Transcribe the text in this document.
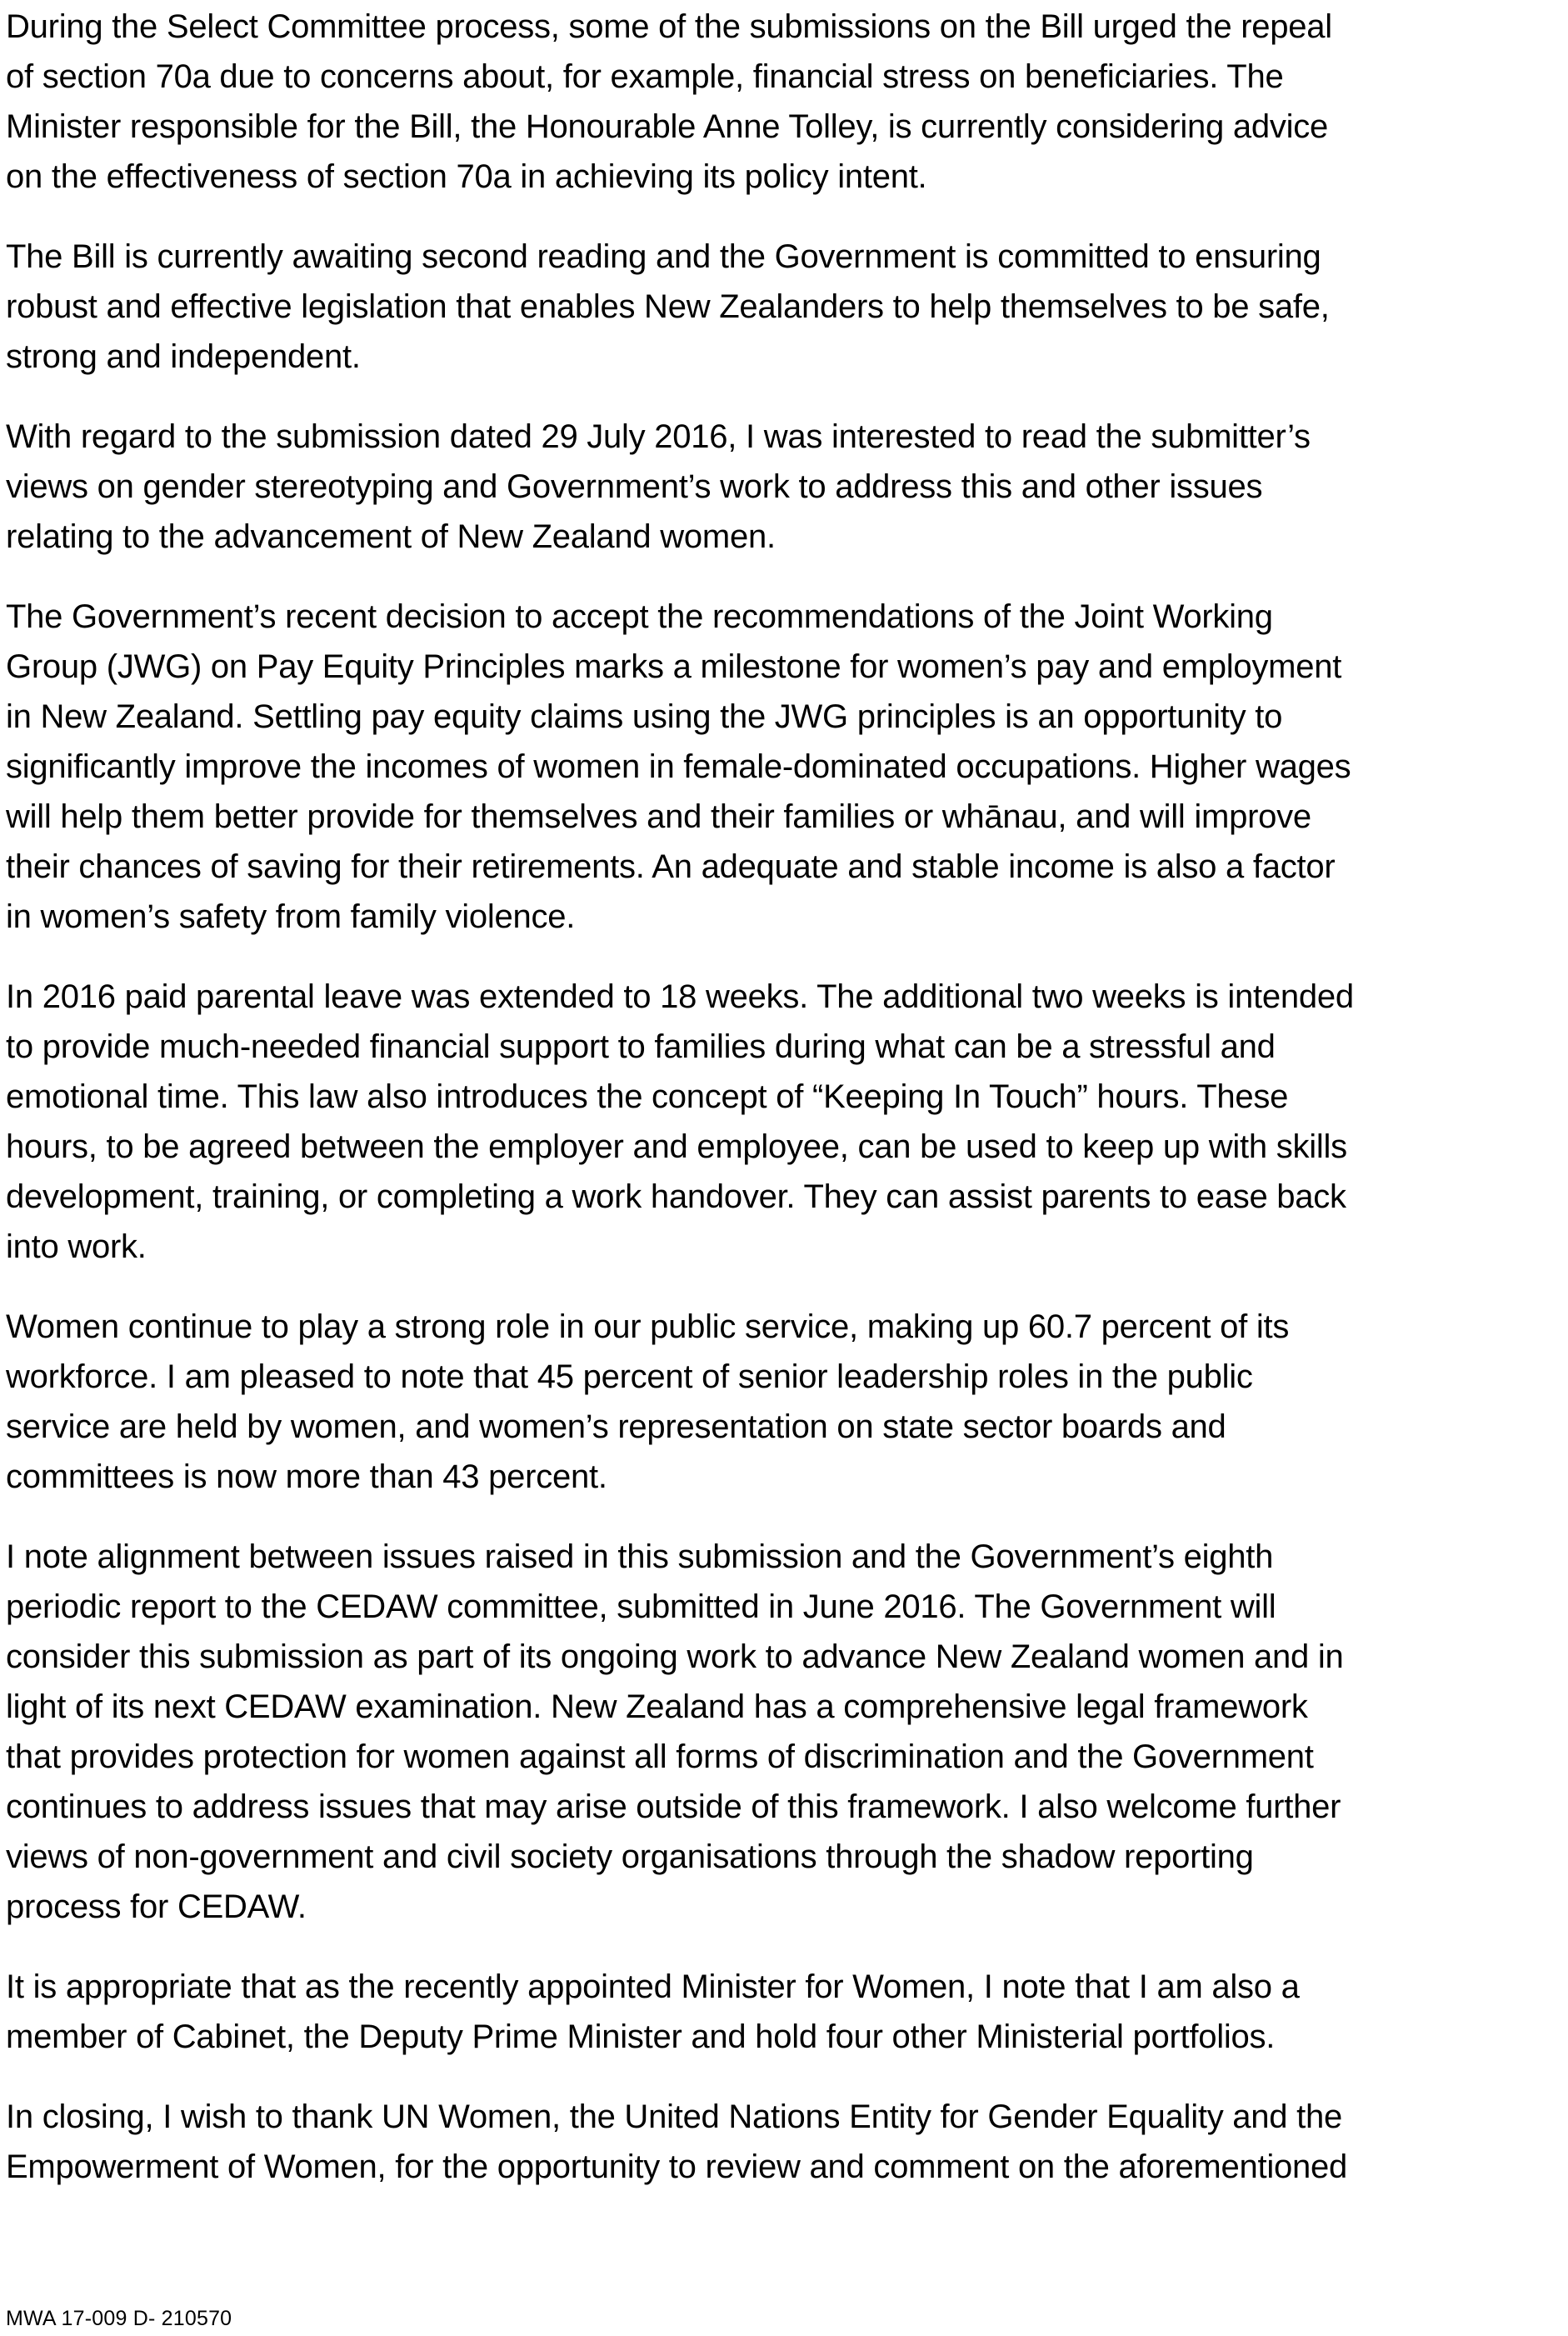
During the Select Committee process, some of the submissions on the Bill urged the repeal
of section 70a due to concerns about, for example, financial stress on beneficiaries. The
Minister responsible for the Bill, the Honourable Anne Tolley, is currently considering advice
on the effectiveness of section 70a in achieving its policy intent.

The Bill is currently awaiting second reading and the Government is committed to ensuring
robust and effective legislation that enables New Zealanders to help themselves to be safe,
strong and independent.

With regard to the submission dated 29 July 2016, I was interested to read the submitter’s
views on gender stereotyping and Government’s work to address this and other issues
relating to the advancement of New Zealand women.

The Government’s recent decision to accept the recommendations of the Joint Working
Group (JWG) on Pay Equity Principles marks a milestone for women’s pay and employment
in New Zealand. Settling pay equity claims using the JWG principles is an opportunity to
significantly improve the incomes of women in female-dominated occupations. Higher wages
will help them better provide for themselves and their families or whānau, and will improve
their chances of saving for their retirements. An adequate and stable income is also a factor
in women’s safety from family violence.

In 2016 paid parental leave was extended to 18 weeks. The additional two weeks is intended
to provide much-needed financial support to families during what can be a stressful and
emotional time. This law also introduces the concept of “Keeping In Touch” hours. These
hours, to be agreed between the employer and employee, can be used to keep up with skills
development, training, or completing a work handover. They can assist parents to ease back
into work.

Women continue to play a strong role in our public service, making up 60.7 percent of its
workforce. I am pleased to note that 45 percent of senior leadership roles in the public
service are held by women, and women’s representation on state sector boards and
committees is now more than 43 percent.

I note alignment between issues raised in this submission and the Government’s eighth
periodic report to the CEDAW committee, submitted in June 2016. The Government will
consider this submission as part of its ongoing work to advance New Zealand women and in
light of its next CEDAW examination. New Zealand has a comprehensive legal framework
that provides protection for women against all forms of discrimination and the Government
continues to address issues that may arise outside of this framework. I also welcome further
views of non-government and civil society organisations through the shadow reporting
process for CEDAW.

It is appropriate that as the recently appointed Minister for Women, I note that I am also a
member of Cabinet, the Deputy Prime Minister and hold four other Ministerial portfolios.

In closing, I wish to thank UN Women, the United Nations Entity for Gender Equality and the
Empowerment of Women, for the opportunity to review and comment on the aforementioned

MWA 17-009 D- 210570
